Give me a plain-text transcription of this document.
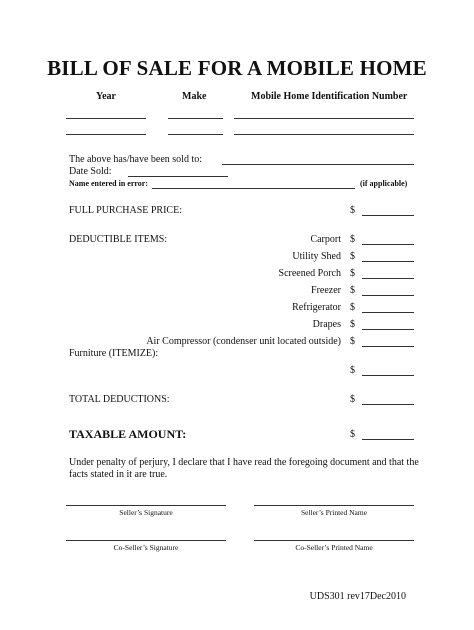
BILL OF SALE FOR A MOBILE HOME
Year	Make	Mobile Home Identification Number
The above has/have been sold to:
Date Sold:
Name entered in error:	(if applicable)
FULL PURCHASE PRICE:	$
DEDUCTIBLE ITEMS:	Carport $
Utility Shed $
Screened Porch $
Freezer $
Refrigerator $
Drapes $
Air Compressor (condenser unit located outside) $
Furniture (ITEMIZE):
$
TOTAL DEDUCTIONS:	$
TAXABLE AMOUNT:	$
Under penalty of perjury, I declare that I have read the foregoing document and that the facts stated in it are true.
Seller’s Signature	Seller’s Printed Name
Co-Seller’s Signature	Co-Seller’s Printed Name
UDS301 rev17Dec2010
